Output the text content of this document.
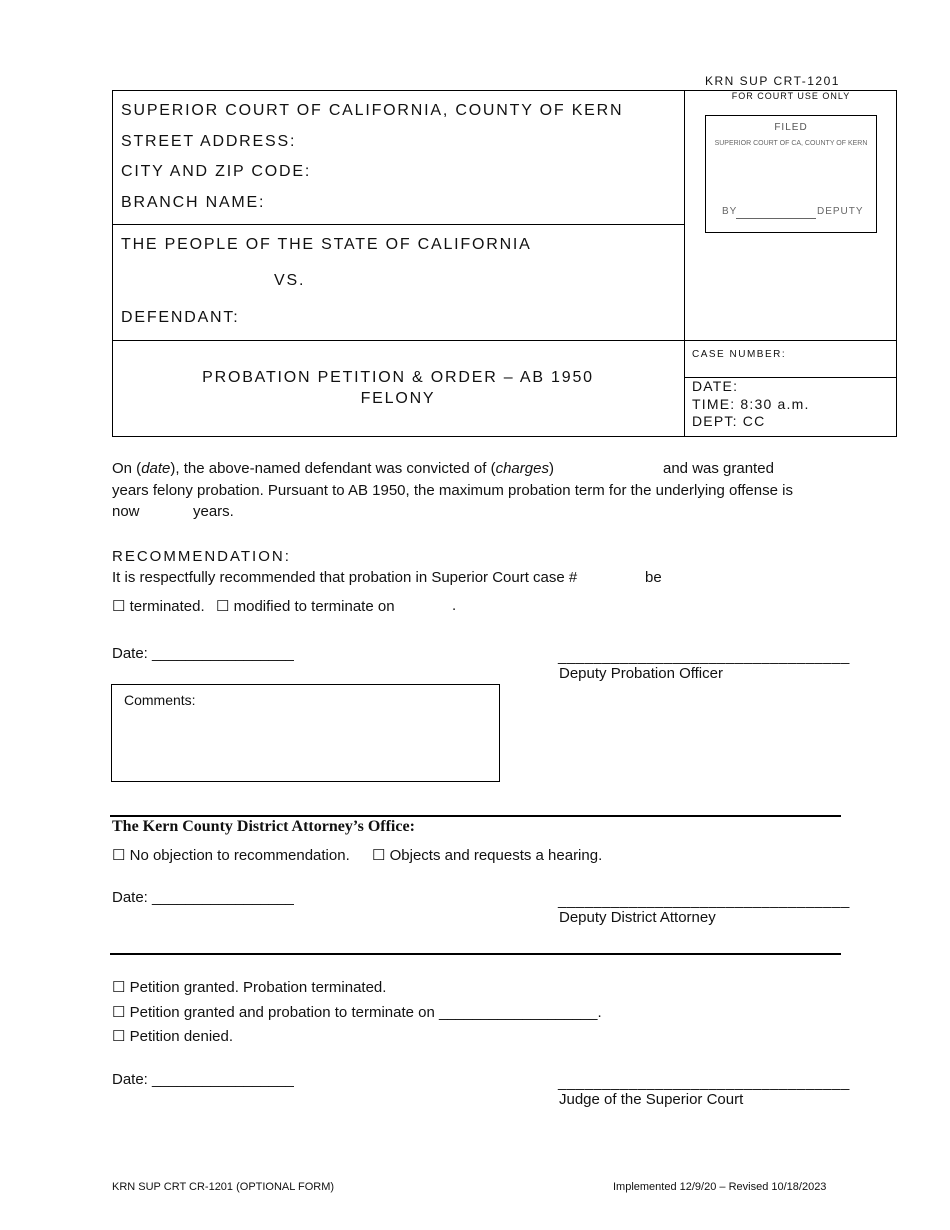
KRN SUP CRT-1201
SUPERIOR COURT OF CALIFORNIA, COUNTY OF KERN
STREET ADDRESS:
CITY AND ZIP CODE:
BRANCH NAME:
THE PEOPLE OF THE STATE OF CALIFORNIA
VS.
DEFENDANT:
FOR COURT USE ONLY
FILED
SUPERIOR COURT OF CA, COUNTY OF KERN
BY	DEPUTY
CASE NUMBER:
DATE:
TIME: 8:30 a.m.
DEPT: CC
PROBATION PETITION & ORDER – AB 1950
FELONY
On (date), the above-named defendant was convicted of (charges)	and was granted
years felony probation. Pursuant to AB 1950, the maximum probation term for the underlying offense is
now	years.
RECOMMENDATION:
It is respectfully recommended that probation in Superior Court case #	be
☐ terminated. ☐ modified to terminate on	.
Date: _________________	_________________________________
Deputy Probation Officer
Comments:
The Kern County District Attorney’s Office:
☐ No objection to recommendation. ☐ Objects and requests a hearing.
Date: _________________	_________________________________
Deputy District Attorney
☐ Petition granted. Probation terminated.
☐ Petition granted and probation to terminate on ___________________.
☐ Petition denied.
Date: _________________	_________________________________
Judge of the Superior Court
KRN SUP CRT CR-1201 (OPTIONAL FORM)	Implemented 12/9/20 – Revised 10/18/2023
